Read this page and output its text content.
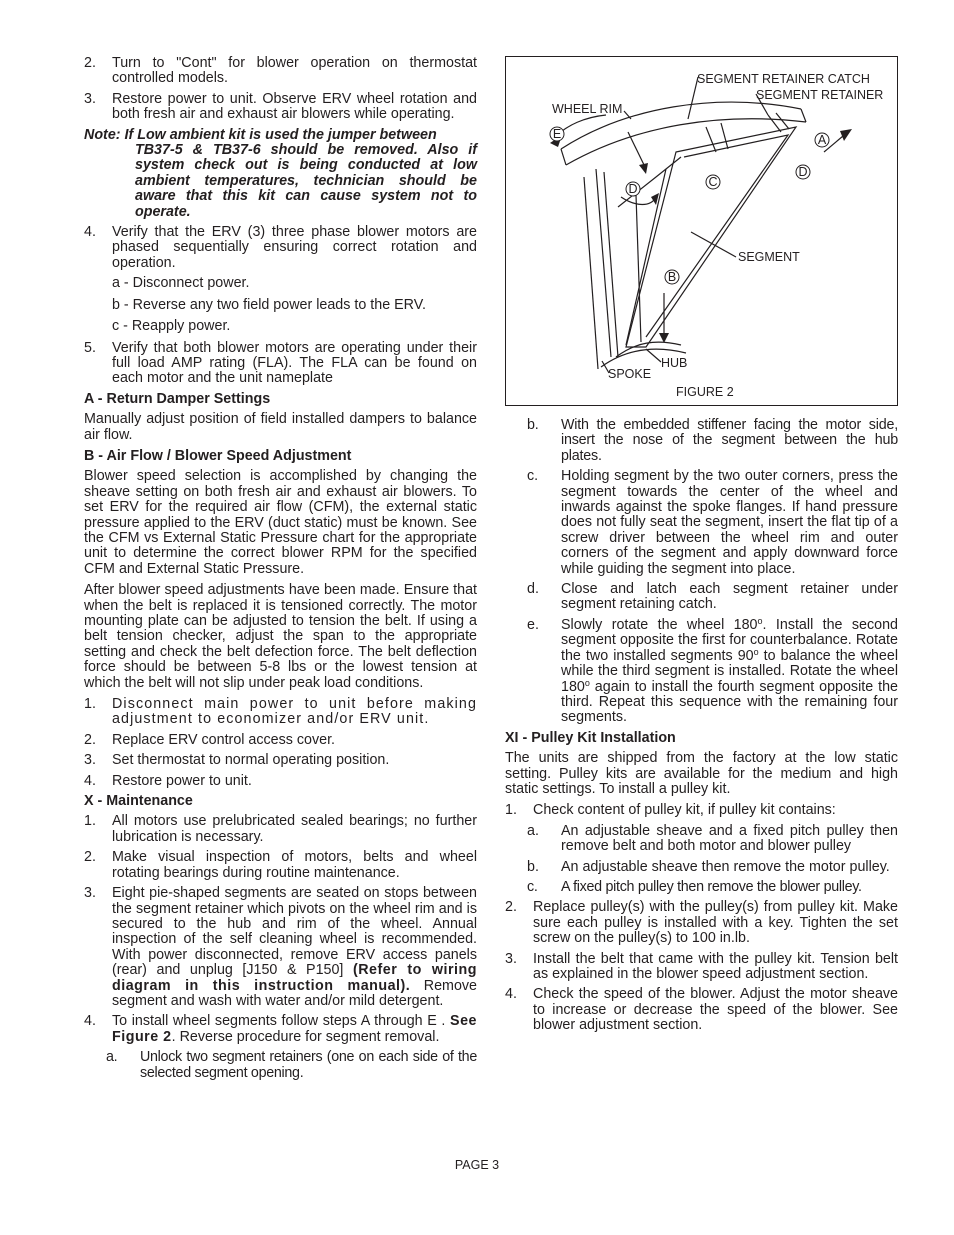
2. Turn to "Cont" for blower operation on thermostat controlled models.
3. Restore power to unit. Observe ERV wheel rotation and both fresh air and exhaust air blowers while operating.
Note: If Low ambient kit is used the jumper between
TB37-5 & TB37-6 should be removed. Also if system check out is being conducted at low ambient temperatures, technician should be aware that this kit can cause system not to operate.
4. Verify that the ERV (3) three phase blower motors are phased sequentially ensuring correct rotation and operation.
a - Disconnect power.
b - Reverse any two field power leads to the ERV.
c - Reapply power.
5. Verify that both blower motors are operating under their full load AMP rating (FLA). The FLA can be found on each motor and the unit nameplate
A - Return Damper Settings

Manually adjust position of field installed dampers to balance air flow.

B - Air Flow / Blower Speed Adjustment

Blower speed selection is accomplished by changing the sheave setting on both fresh air and exhaust air blowers. To set ERV for the required air flow (CFM), the external static pressure applied to the ERV (duct static) must be known. See the CFM vs External Static Pressure chart for the appropriate unit to determine the correct blower RPM for the specified CFM and External Static Pressure.

After blower speed adjustments have been made. Ensure that when the belt is replaced it is tensioned correctly. The motor mounting plate can be adjusted to tension the belt. If using a belt tension checker, adjust the span to the appropriate setting and check the belt defection force. The belt deflection force should be between 5-8 lbs or the lowest tension at which the belt will not slip under peak load conditions.

1. Disconnect main power to unit before making adjustment to economizer and/or ERV unit.
2. Replace ERV control access cover.
3. Set thermostat to normal operating position.
4. Restore power to unit.
X - Maintenance
1. All motors use prelubricated sealed bearings; no further lubrication is necessary.
2. Make visual inspection of motors, belts and wheel rotating bearings during routine maintenance.
3. Eight pie-shaped segments are seated on stops between the segment retainer which pivots on the wheel rim and is secured to the hub and rim of the wheel. Annual inspection of the self cleaning wheel is recommended. With power disconnected, remove ERV access panels (rear) and unplug [J150 & P150] (Refer to wiring diagram in this instruction manual). Remove segment and wash with water and/or mild detergent.
4. To install wheel segments follow steps A through E . See Figure 2. Reverse procedure for segment removal.
a. Unlock two segment retainers (one on each side of the selected segment opening.
E	A
D	C
D
B
SEGMENT RETAINER CATCH
SEGMENT RETAINER
WHEEL RIM
SEGMENT
HUB
SPOKE
FIGURE 2
b. With the embedded stiffener facing the motor side, insert the nose of the segment between the hub plates.
c. Holding segment by the two outer corners, press the segment towards the center of the wheel and inwards against the spoke flanges. If hand pressure does not fully seat the segment, insert the flat tip of a screw driver between the wheel rim and outer corners of the segment and apply downward force while guiding the segment into place.
d. Close and latch each segment retainer under segment retaining catch.
e. Slowly rotate the wheel 180$^o$. Install the second segment opposite the first for counterbalance. Rotate the two installed segments 90$^o$ to balance the wheel while the third segment is installed. Rotate the wheel 180$^o$ again to install the fourth segment opposite the third. Repeat this sequence with the remaining four segments.
XI - Pulley Kit Installation

The units are shipped from the factory at the low static setting. Pulley kits are available for the medium and high static settings. To install a pulley kit.

1. Check content of pulley kit, if pulley kit contains:
a. An adjustable sheave and a fixed pitch pulley then remove belt and both motor and blower pulley
b. An adjustable sheave then remove the motor pulley.
c. A fixed pitch pulley then remove the blower pulley.
2. Replace pulley(s) with the pulley(s) from pulley kit. Make sure each pulley is installed with a key. Tighten the set screw on the pulley(s) to 100 in.lb.
3. Install the belt that came with the pulley kit. Tension belt as explained in the blower speed adjustment section.
4. Check the speed of the blower. Adjust the motor sheave to increase or decrease the speed of the blower. See blower adjustment section.
PAGE 3
